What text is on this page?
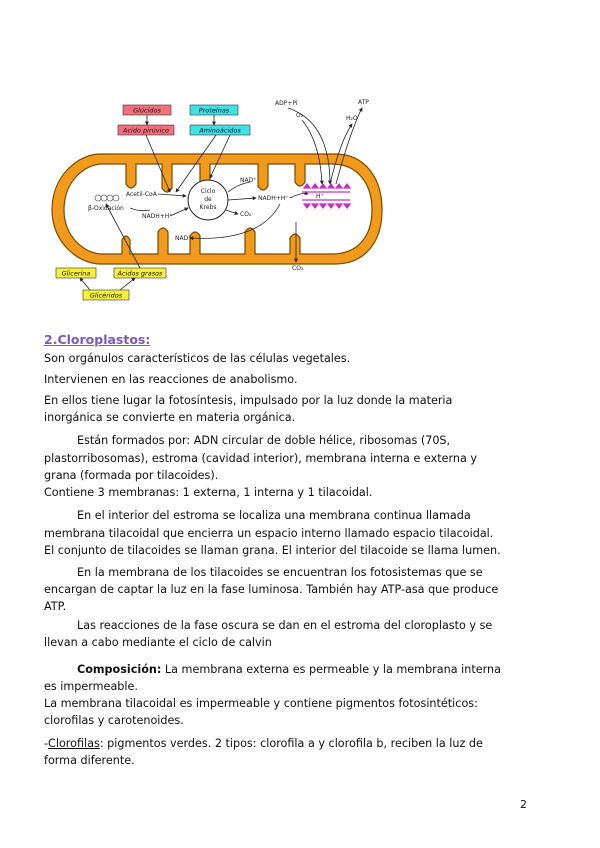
Ciclo
de
Krebs
Acetil-CoA
β-Oxidación
NADH+H⁺
NAD⁺
NADH+H⁺
CO₂
NAD⁺
H⁺
ADP+Pi	ATP
O₂	H₂O
CO₂
Glúcidos
Acido pirúvico
Proteínas
Aminoácidos
Glicerina	Ácidos grasos
Glicéridos
2.Cloroplastos:

Son orgánulos característicos de las células vegetales.

Intervienen en las reacciones de anabolismo.

En ellos tiene lugar la fotosíntesis, impulsado por la luz donde la materia

inorgánica se convierte en materia orgánica.

Están formados por: ADN circular de doble hélice, ribosomas (70S,

plastorribosomas), estroma (cavidad interior), membrana interna e externa y

grana (formada por tilacoides).

Contiene 3 membranas: 1 externa, 1 interna y 1 tilacoidal.

En el interior del estroma se localiza una membrana continua llamada

membrana tilacoidal que encierra un espacio interno llamado espacio tilacoidal.

El conjunto de tilacoides se llaman grana. El interior del tilacoide se llama lumen.

En la membrana de los tilacoides se encuentran los fotosistemas que se

encargan de captar la luz en la fase luminosa. También hay ATP-asa que produce

ATP.

Las reacciones de la fase oscura se dan en el estroma del cloroplasto y se

llevan a cabo mediante el ciclo de calvin

Composición: La membrana externa es permeable y la membrana interna

es impermeable.

La membrana tilacoidal es impermeable y contiene pigmentos fotosintéticos:

clorofilas y carotenoides.

-Clorofilas: pigmentos verdes. 2 tipos: clorofila a y clorofila b, reciben la luz de

forma diferente.

2
